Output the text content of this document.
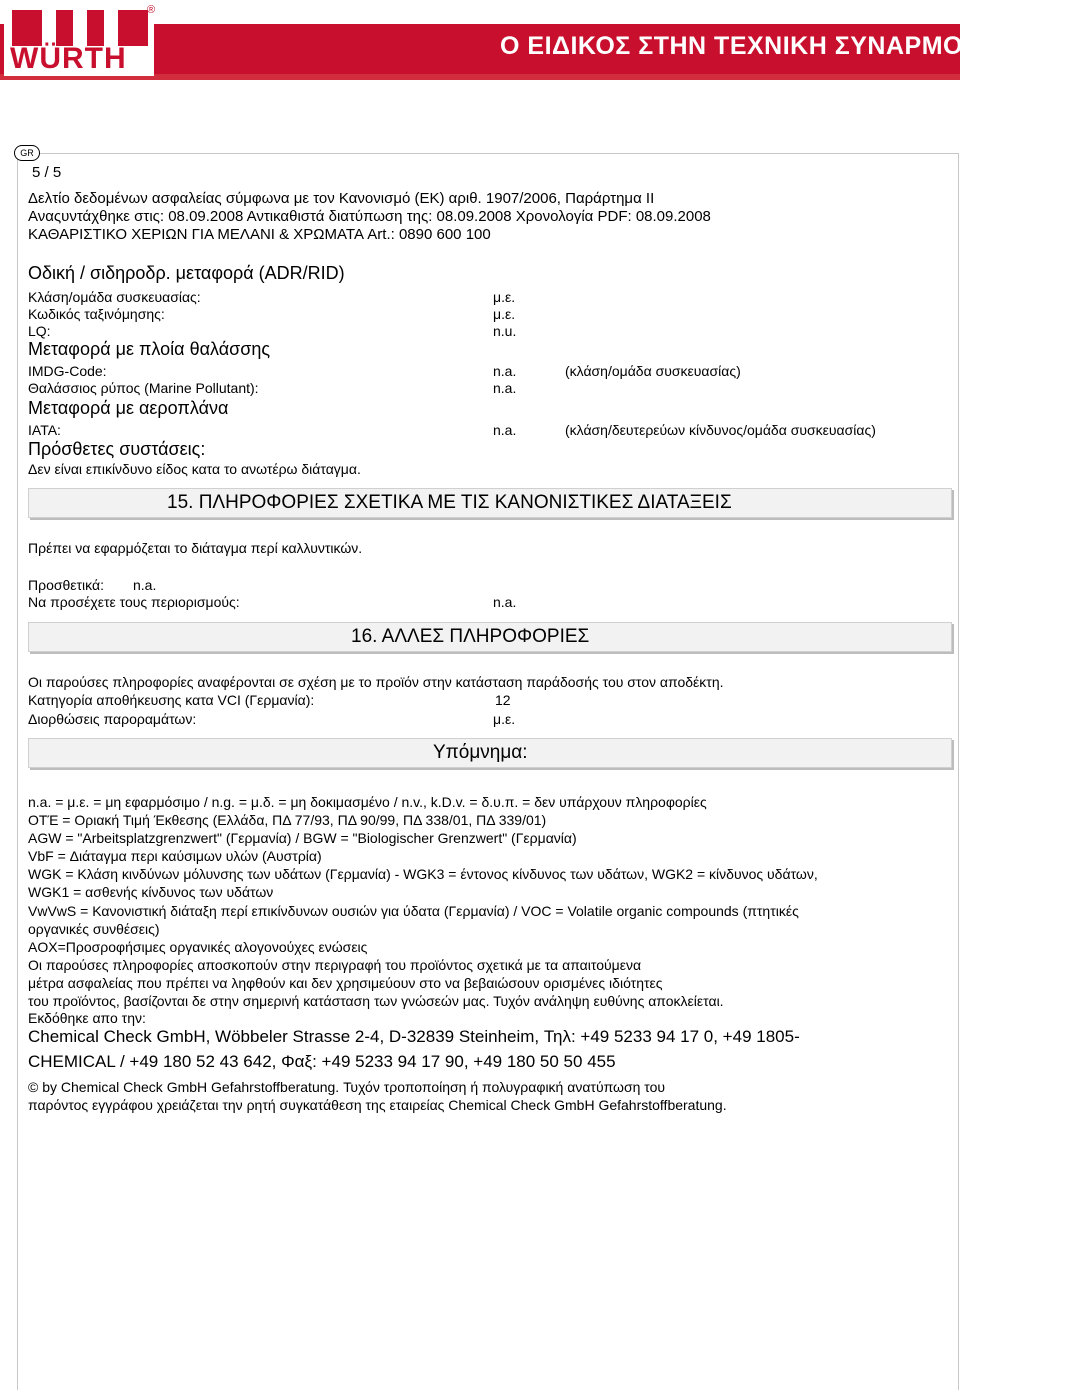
WÜRTH
®
Ο ΕΙΔΙΚΟΣ ΣΤΗΝ ΤΕΧΝΙΚΗ ΣΥΝΑΡΜΟΛΟΓΗΣΗ
GR
5 / 5
Δελτίο δεδομένων ασφαλείας σύμφωνα με τον Κανονισμό (ΕΚ) αριθ. 1907/2006, Παράρτημα II
Αναςυντάχθηκε στις: 08.09.2008 Αντικαθιστά διατύπωση της: 08.09.2008 Χρονολογία PDF: 08.09.2008
ΚΑΘΑΡΙΣΤΙΚΟ ΧΕΡΙΩΝ ΓΙΑ ΜΕΛΑΝΙ & ΧΡΩΜΑΤΑ Art.: 0890 600 100
Οδική / σιδηροδρ. μεταφορά (ADR/RID)
Κλάση/ομάδα συσκευασίας:	μ.ε.
Κωδικός ταξινόμησης:	μ.ε.
LQ:	n.u.
Μεταφορά με πλοία θαλάσσης
IMDG-Code:	n.a.	(κλάση/ομάδα συσκευασίας)
Θαλάσσιος ρύπος (Marine Pollutant):	n.a.
Μεταφορά με αεροπλάνα
IATA:	n.a.	(κλάση/δευτερεύων κίνδυνος/ομάδα συσκευασίας)
Πρόσθετες συστάσεις:
Δεν είναι επικίνδυνο είδος κατα το ανωτέρω διάταγμα.
15. ΠΛΗΡΟΦΟΡΙΕΣ ΣΧΕΤΙΚΑ ΜΕ ΤΙΣ ΚΑΝΟΝΙΣΤΙΚΕΣ ΔΙΑΤΑΞΕΙΣ
Πρέπει να εφαρμόζεται το διάταγμα περί καλλυντικών.
Προσθετικά: n.a.
Να προσέχετε τους περιορισμούς:	n.a.
16. ΑΛΛΕΣ ΠΛΗΡΟΦΟΡΙΕΣ
Οι παρούσες πληροφορίες αναφέρονται σε σχέση με το προϊόν στην κατάσταση παράδοσής του στον αποδέκτη.
Κατηγορία αποθήκευσης κατα VCI (Γερμανία):	12
Διορθώσεις παροραμάτων:	μ.ε.
Υπόμνημα:
n.a. = μ.ε. = μη εφαρμόσιμο / n.g. = μ.δ. = μη δοκιμασμένο / n.v., k.D.v. = δ.υ.π. = δεν υπάρχουν πληροφορίες
ΟΤΈ = Οριακή Τιμή Έκθεσης (Ελλάδα, ΠΔ 77/93, ΠΔ 90/99, ΠΔ 338/01, ΠΔ 339/01)
AGW = "Arbeitsplatzgrenzwert" (Γερμανία) / BGW = "Biologischer Grenzwert" (Γερμανία)
VbF = Διάταγμα περι καύσιμων υλών (Αυστρία)
WGK = Κλάση κινδύνων μόλυνσης των υδάτων (Γερμανία) - WGK3 = έντονος κίνδυνος των υδάτων, WGK2 = κίνδυνος υδάτων,
WGK1 = ασθενής κίνδυνος των υδάτων
VwVwS = Κανονιστική διάταξη περί επικίνδυνων ουσιών για ύδατα (Γερμανία) / VOC = Volatile organic compounds (πτητικές
οργανικές συνθέσεις)
AOX=Προσροφήσιμες οργανικές αλογονούχες ενώσεις
Οι παρούσες πληροφορίες αποσκοπούν στην περιγραφή του προϊόντος σχετικά με τα απαιτούμενα
μέτρα ασφαλείας που πρέπει να ληφθούν και δεν χρησιμεύουν στο να βεβαιώσουν ορισμένες ιδιότητες
του προϊόντος, βασίζονται δε στην σημερινή κατάσταση των γνώσεών μας. Τυχόν ανάληψη ευθύνης αποκλείεται.
Εκδόθηκε απο την:
Chemical Check GmbH, Wöbbeler Strasse 2-4, D-32839 Steinheim, Τηλ: +49 5233 94 17 0, +49 1805-
CHEMICAL / +49 180 52 43 642, Φαξ: +49 5233 94 17 90, +49 180 50 50 455
© by Chemical Check GmbH Gefahrstoffberatung. Τυχόν τροποποίηση ή πολυγραφική ανατύπωση του
παρόντος εγγράφου χρειάζεται την ρητή συγκατάθεση της εταιρείας Chemical Check GmbH Gefahrstoffberatung.
